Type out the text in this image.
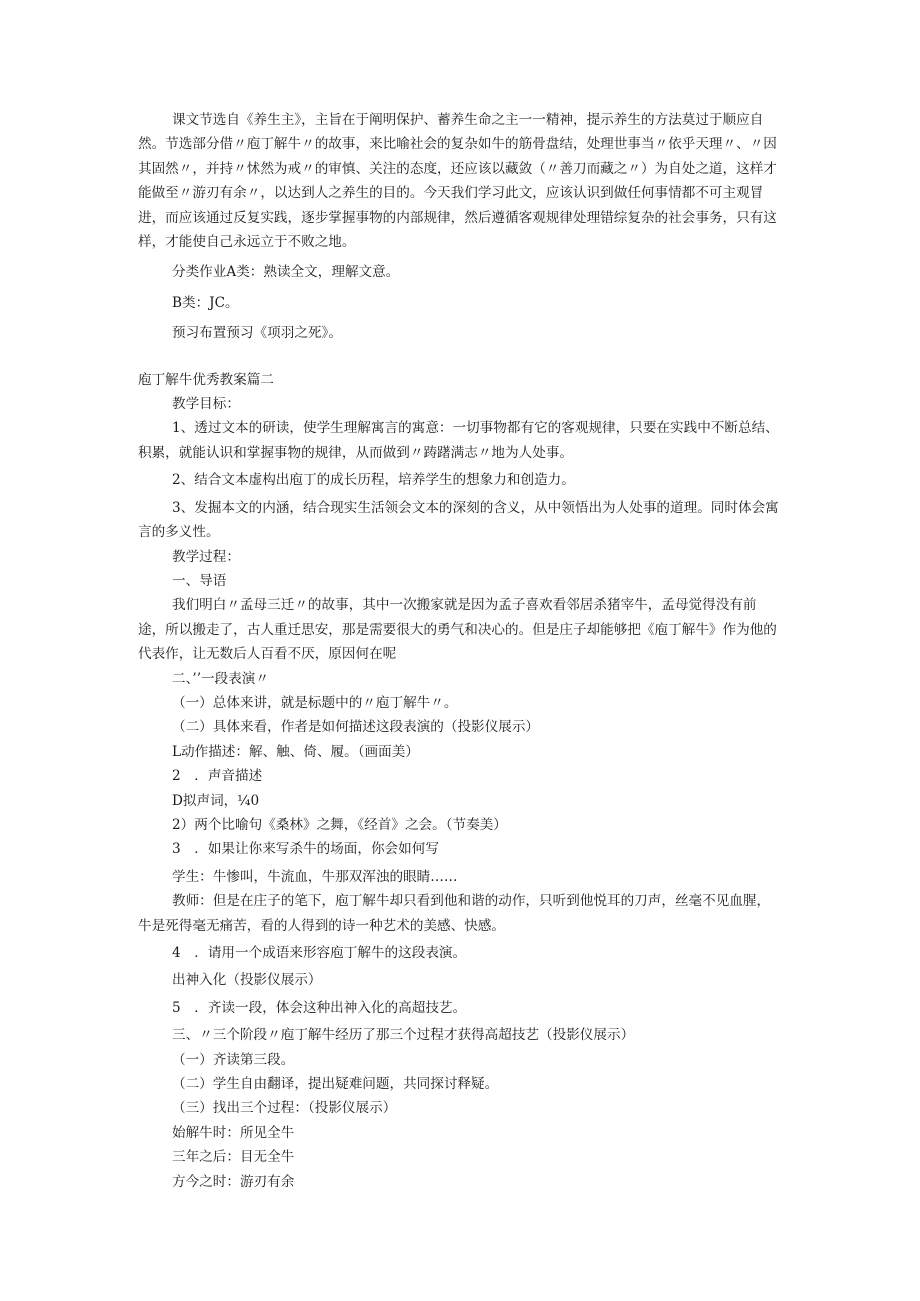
课文节选自《养生主》，主旨在于阐明保护、蓄养生命之主一一精神，提示养生的方法莫过于顺应自然。节选部分借〃庖丁解牛〃的故事，来比喻社会的复杂如牛的筋骨盘结，处理世事当〃依乎天理〃、〃因其固然〃，并持〃怵然为戒〃的审慎、关注的态度，还应该以藏敛（〃善刀而藏之〃）为自处之道，这样才能做至〃游刃有余〃，以达到人之养生的目的。今天我们学习此文，应该认识到做任何事情都不可主观冒进，而应该通过反复实践，逐步掌握事物的内部规律，然后遵循客观规律处理错综复杂的社会事务，只有这样，才能使自己永远立于不败之地。

分类作业A类：熟读全文，理解文意。

B类：JC。

预习布置预习《项羽之死》。

庖丁解牛优秀教案篇二

教学目标：

1、透过文本的研读，使学生理解寓言的寓意：一切事物都有它的客观规律，只要在实践中不断总结、积累，就能认识和掌握事物的规律，从而做到〃踌躇满志〃地为人处事。

2、结合文本虚构出庖丁的成长历程，培养学生的想象力和创造力。

3、发掘本文的内涵，结合现实生活领会文本的深刻的含义，从中领悟出为人处事的道理。同时体会寓言的多义性。

教学过程：

一、导语

我们明白〃孟母三迁〃的故事，其中一次搬家就是因为孟子喜欢看邻居杀猪宰牛，孟母觉得没有前途，所以搬走了，古人重迁思安，那是需要很大的勇气和决心的。但是庄子却能够把《庖丁解牛》作为他的代表作，让无数后人百看不厌，原因何在呢

二、’’一段表演〃

（一）总体来讲，就是标题中的〃庖丁解牛〃。

（二）具体来看，作者是如何描述这段表演的（投影仪展示）

L动作描述：解、触、倚、履。（画面美）

2　．声音描述

D拟声词，¼0

2）两个比喻句《桑林》之舞，《经首》之会。（节奏美）

3　．如果让你来写杀牛的场面，你会如何写

学生：牛惨叫，牛流血，牛那双浑浊的眼睛……

教师：但是在庄子的笔下，庖丁解牛却只看到他和谐的动作，只听到他悦耳的刀声，丝毫不见血腥，牛是死得毫无痛苦，看的人得到的诗一种艺术的美感、快感。

4　．请用一个成语来形容庖丁解牛的这段表演。

出神入化（投影仪展示）

5　．齐读一段，体会这种出神入化的高超技艺。

三、〃三个阶段〃庖丁解牛经历了那三个过程才获得高超技艺（投影仪展示）

（一）齐读第三段。

（二）学生自由翻译，提出疑难问题，共同探讨释疑。

（三）找出三个过程：（投影仪展示）

始解牛时：所见全牛

三年之后：目无全牛

方今之时：游刃有余
